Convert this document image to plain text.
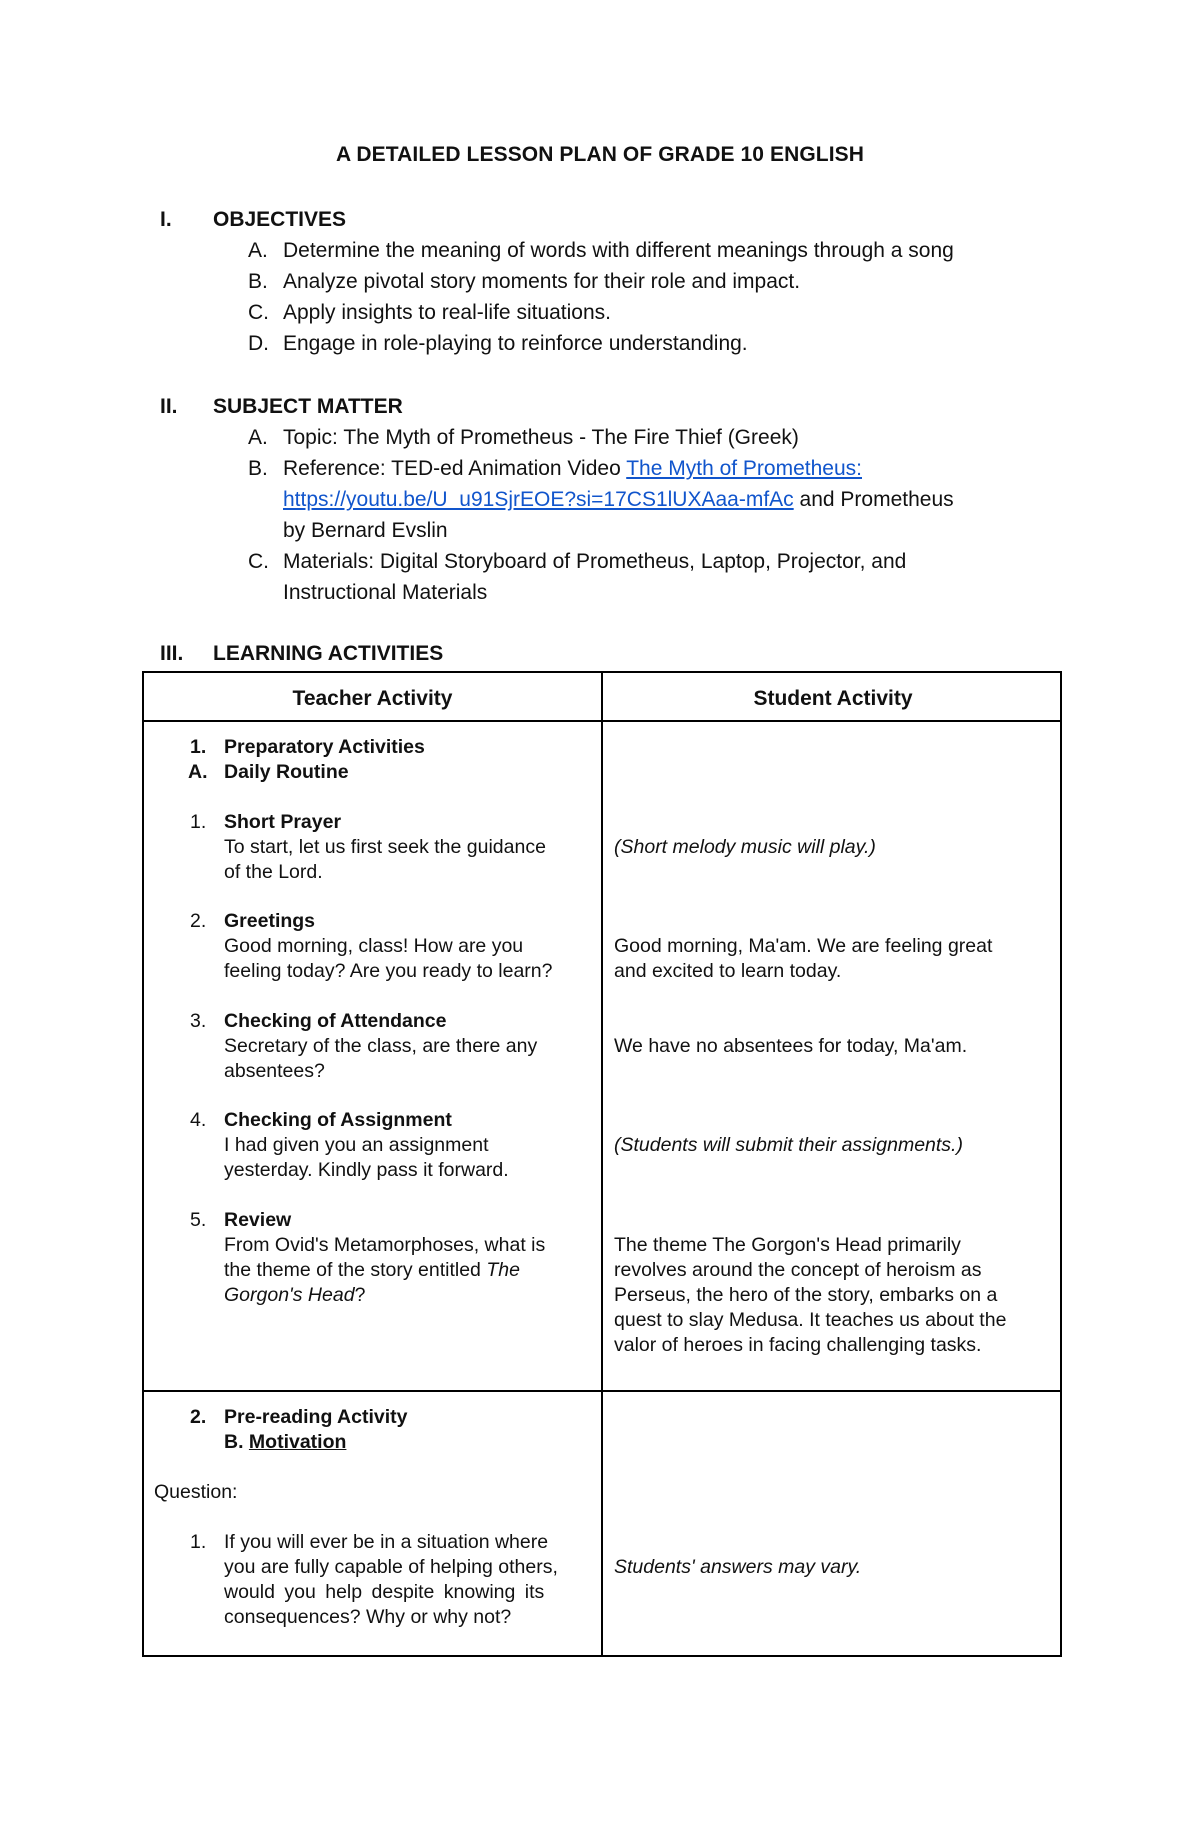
A DETAILED LESSON PLAN OF GRADE 10 ENGLISH
I. OBJECTIVES
A. Determine the meaning of words with different meanings through a song
B. Analyze pivotal story moments for their role and impact.
C. Apply insights to real-life situations.
D. Engage in role-playing to reinforce understanding.
II. SUBJECT MATTER
A. Topic: The Myth of Prometheus - The Fire Thief (Greek)
B. Reference: TED-ed Animation Video The Myth of Prometheus:
https://youtu.be/U_u91SjrEOE?si=17CS1lUXAaa-mfAc and Prometheus
by Bernard Evslin
C. Materials: Digital Storyboard of Prometheus, Laptop, Projector, and
Instructional Materials
III. LEARNING ACTIVITIES
Teacher Activity	Student Activity
1. Preparatory Activities
A. Daily Routine
1. Short Prayer
To start, let us first seek the guidance
of the Lord.
(Short melody music will play.)
2. Greetings
Good morning, class! How are you
feeling today? Are you ready to learn?
Good morning, Ma'am. We are feeling great
and excited to learn today.
3. Checking of Attendance
Secretary of the class, are there any
absentees?
We have no absentees for today, Ma'am.
4. Checking of Assignment
I had given you an assignment
yesterday. Kindly pass it forward.
(Students will submit their assignments.)
5. Review
From Ovid's Metamorphoses, what is
the theme of the story entitled The
Gorgon's Head?
The theme The Gorgon's Head primarily
revolves around the concept of heroism as
Perseus, the hero of the story, embarks on a
quest to slay Medusa. It teaches us about the
valor of heroes in facing challenging tasks.
2. Pre-reading Activity
B. Motivation
Question:
1. If you will ever be in a situation where
you are fully capable of helping others,
would you help despite knowing its
consequences? Why or why not?
Students' answers may vary.
